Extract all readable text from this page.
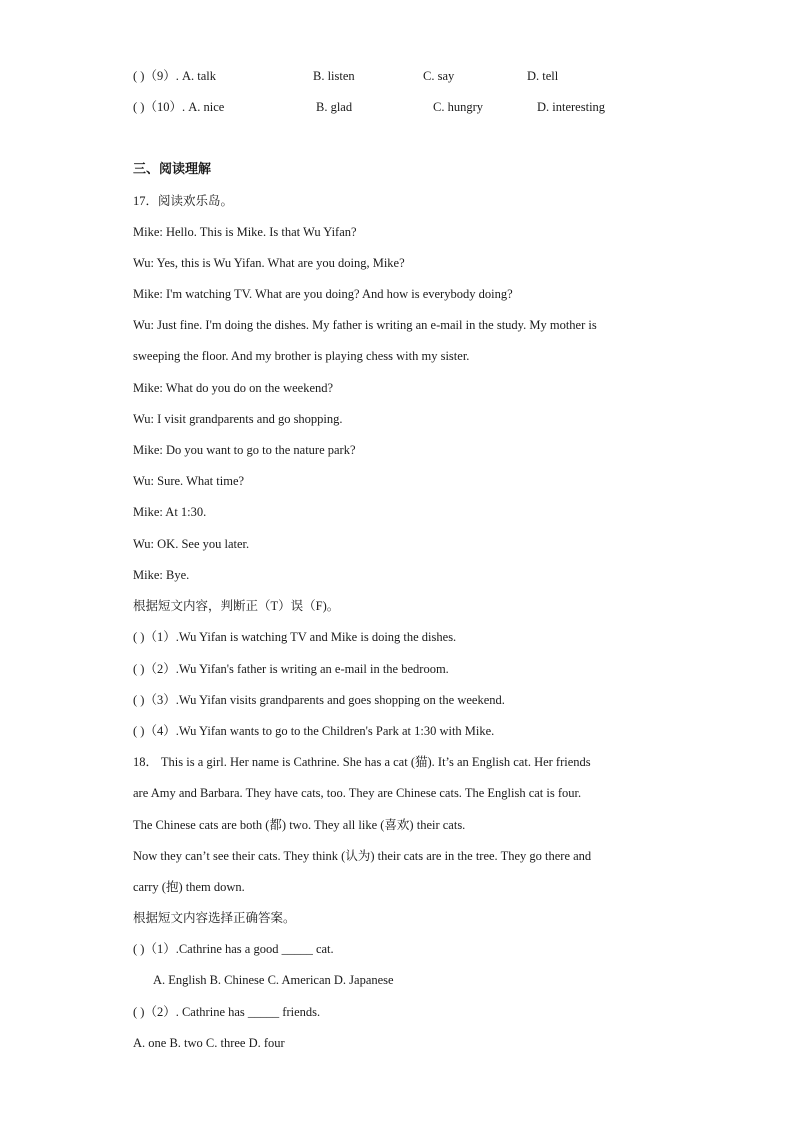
( )（9）. A. talk	B. listen	C. say	D. tell
( )（10）. A. nice	B. glad	C. hungry	D. interesting
三、阅读理解
17．阅读欢乐岛。
Mike: Hello. This is Mike. Is that Wu Yifan?
Wu: Yes, this is Wu Yifan. What are you doing, Mike?
Mike: I'm watching TV. What are you doing? And how is everybody doing?
Wu: Just fine. I'm doing the dishes. My father is writing an e-mail in the study. My mother is
sweeping the floor. And my brother is playing chess with my sister.
Mike: What do you do on the weekend?
Wu: I visit grandparents and go shopping.
Mike: Do you want to go to the nature park?
Wu: Sure. What time?
Mike: At 1:30.
Wu: OK. See you later.
Mike: Bye.
根据短文内容，判断正（T）误（F)。
( )（1）.Wu Yifan is watching TV and Mike is doing the dishes.
( )（2）.Wu Yifan's father is writing an e-mail in the bedroom.
( )（3）.Wu Yifan visits grandparents and goes shopping on the weekend.
( )（4）.Wu Yifan wants to go to the Children's Park at 1:30 with Mike.
18． This is a girl. Her name is Cathrine. She has a cat (猫). It’s an English cat. Her friends
are Amy and Barbara. They have cats, too. They are Chinese cats. The English cat is four.
The Chinese cats are both (都) two. They all like (喜欢) their cats.
Now they can’t see their cats. They think (认为) their cats are in the tree. They go there and
carry (抱) them down.
根据短文内容选择正确答案。
( )（1）.Cathrine has a good _____ cat.
A. English B. Chinese C. American D. Japanese
( )（2）. Cathrine has _____ friends.
A. one B. two C. three D. four
